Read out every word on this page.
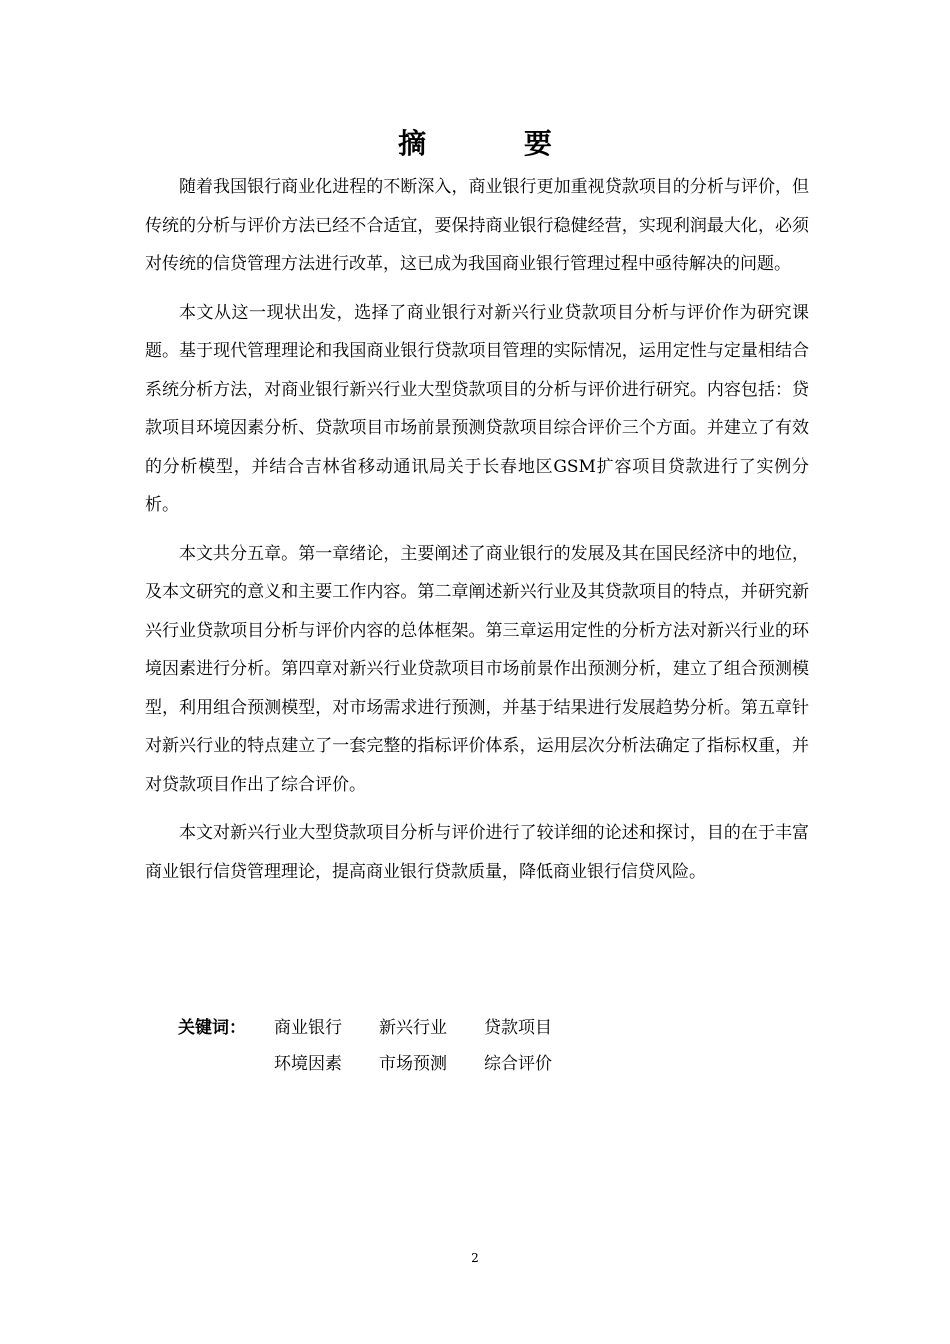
摘 要

随着我国银行商业化进程的不断深入，商业银行更加重视贷款项目的分析与评价，但传统的分析与评价方法已经不合适宜，要保持商业银行稳健经营，实现利润最大化，必须对传统的信贷管理方法进行改革，这已成为我国商业银行管理过程中亟待解决的问题。

本文从这一现状出发，选择了商业银行对新兴行业贷款项目分析与评价作为研究课题。基于现代管理理论和我国商业银行贷款项目管理的实际情况，运用定性与定量相结合系统分析方法，对商业银行新兴行业大型贷款项目的分析与评价进行研究。内容包括：贷款项目环境因素分析、贷款项目市场前景预测贷款项目综合评价三个方面。并建立了有效的分析模型，并结合吉林省移动通讯局关于长春地区GSM扩容项目贷款进行了实例分析。

本文共分五章。第一章绪论，主要阐述了商业银行的发展及其在国民经济中的地位，及本文研究的意义和主要工作内容。第二章阐述新兴行业及其贷款项目的特点，并研究新兴行业贷款项目分析与评价内容的总体框架。第三章运用定性的分析方法对新兴行业的环境因素进行分析。第四章对新兴行业贷款项目市场前景作出预测分析，建立了组合预测模型，利用组合预测模型，对市场需求进行预测，并基于结果进行发展趋势分析。第五章针对新兴行业的特点建立了一套完整的指标评价体系，运用层次分析法确定了指标权重，并对贷款项目作出了综合评价。

本文对新兴行业大型贷款项目分析与评价进行了较详细的论述和探讨，目的在于丰富商业银行信贷管理理论，提高商业银行贷款质量，降低商业银行信贷风险。

关键词：	商业银行	新兴行业	贷款项目
环境因素	市场预测	综合评价
2
